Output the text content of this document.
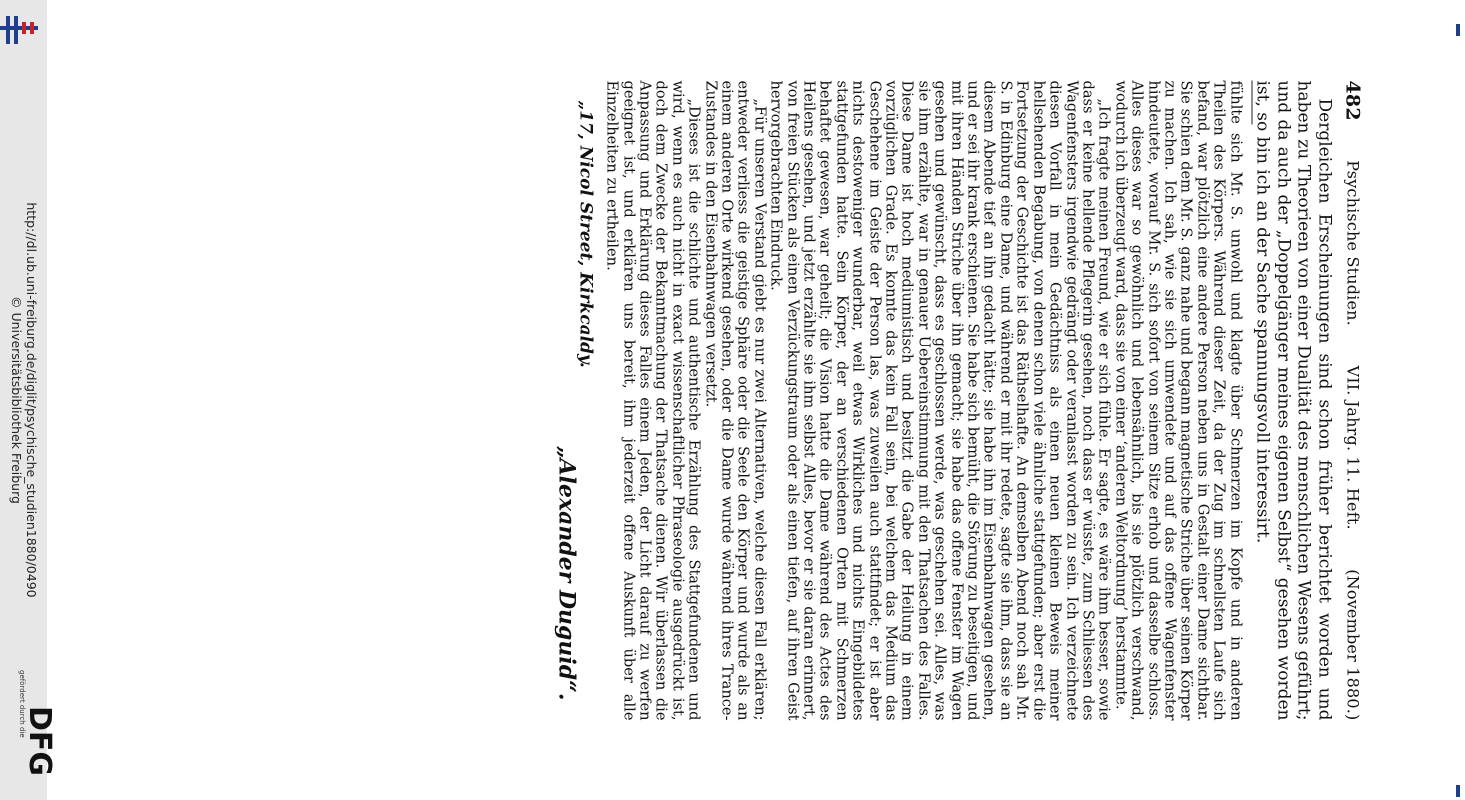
http://dl.ub.uni-freiburg.de/diglit/psychische_studien1880/0490
© Universitätsbibliothek Freiburg
gefördert durch die
DFG
482
Psychische Studien.
VII. Jahrg. 11. Heft.
(November 1880.)

Dergleichen Erscheinungen sind schon früher berichtet worden und haben zu Theorieen von einer Dualität des menschlichen Wesens geführt; und da auch der „Doppelgänger meines eigenen Selbst“ gesehen worden ist, so bin ich an der Sache spannungsvoll interessirt.

fühlte sich Mr. S. unwohl und klagte über Schmerzen im Kopfe und in anderen Theilen des Körpers. Während dieser Zeit, da der Zug im schnellsten Laufe sich befand, war plötzlich eine andere Person neben uns in Gestalt einer Dame sichtbar. Sie schien dem Mr. S. ganz nahe und begann magnetische Striche über seinen Körper zu machen. Ich sah, wie sie sich umwendete und auf das offene Wagenfenster hindeutete, worauf Mr. S. sich sofort von seinem Sitze erhob und dasselbe schloss. Alles dieses war so gewöhnlich und lebensähnlich, bis sie plötzlich verschwand, wodurch ich überzeugt ward, dass sie von einer ‘anderen Weltordnung’ herstammte.

„Ich fragte meinen Freund, wie er sich fühle. Er sagte, es wäre ihm besser, sowie dass er keine hellende Pflegerin gesehen, noch dass er wüsste, zum Schliessen des Wagenfensters irgendwie gedrängt oder veranlasst worden zu sein. Ich verzeichnete diesen Vorfall in mein Gedächtniss als einen neuen kleinen Beweis meiner hellsehenden Begabung, von denen schon viele ähnliche stattgefunden; aber erst die Fortsetzung der Geschichte ist das Räthselhafte. An demselben Abend noch sah Mr. S. in Edinburg eine Dame, und während er mit ihr redete, sagte sie ihm, dass sie an diesem Abende tief an ihn gedacht hätte; sie habe ihn im Eisenbahnwagen gesehen, und er sei ihr krank erschienen. Sie habe sich bemüht, die Störung zu beseitigen, und mit ihren Händen Striche über ihn gemacht; sie habe das offene Fenster im Wagen gesehen und gewünscht, dass es geschlossen werde, was geschehen sei. Alles, was sie ihm erzählte, war in genauer Uebereinstimmung mit den Thatsachen des Falles. Diese Dame ist hoch mediumistisch und besitzt die Gabe der Heilung in einem vorzüglichen Grade. Es konnte das kein Fall sein, bei welchem das Medium das Geschehene im Geiste der Person las, was zuweilen auch stattfindet; er ist aber nichts destoweniger wunderbar, weil etwas Wirkliches und nichts Eingebildetes stattgefunden hatte. Sein Körper, der an verschiedenen Orten mit Schmerzen behaftet gewesen, war geheilt; die Vision hatte die Dame während des Actes des Heilens gesehen, und jetzt erzählte sie ihm selbst Alles, bevor er sie daran erinnert, von freien Stücken als einen Verzückungstraum oder als einen tiefen, auf ihren Geist hervorgebrachten Eindruck.

„Für unseren Verstand giebt es nur zwei Alternativen, welche diesen Fall erklären; entweder verliess die geistige Sphäre oder die Seele den Körper und wurde als an einem anderen Orte wirkend gesehen, oder die Dame wurde während ihres Trance-Zustandes in den Eisenbahnwagen versetzt.

„Dieses ist die schlichte und authentische Erzählung des Stattgefundenen und wird, wenn es auch nicht in exact wissenschaftlicher Phraseologie ausgedrückt ist, doch dem Zwecke der Bekanntmachung der Thatsache dienen. Wir überlassen die Anpassung und Erklärung dieses Falles einem Jeden, der Licht darauf zu werfen geeignet ist, und erklären uns bereit, ihm jederzeit offene Auskunft über alle Einzelheiten zu ertheilen.

„17, Nicol Street, Kirkcaldy.
„Alexander Duguid“.
